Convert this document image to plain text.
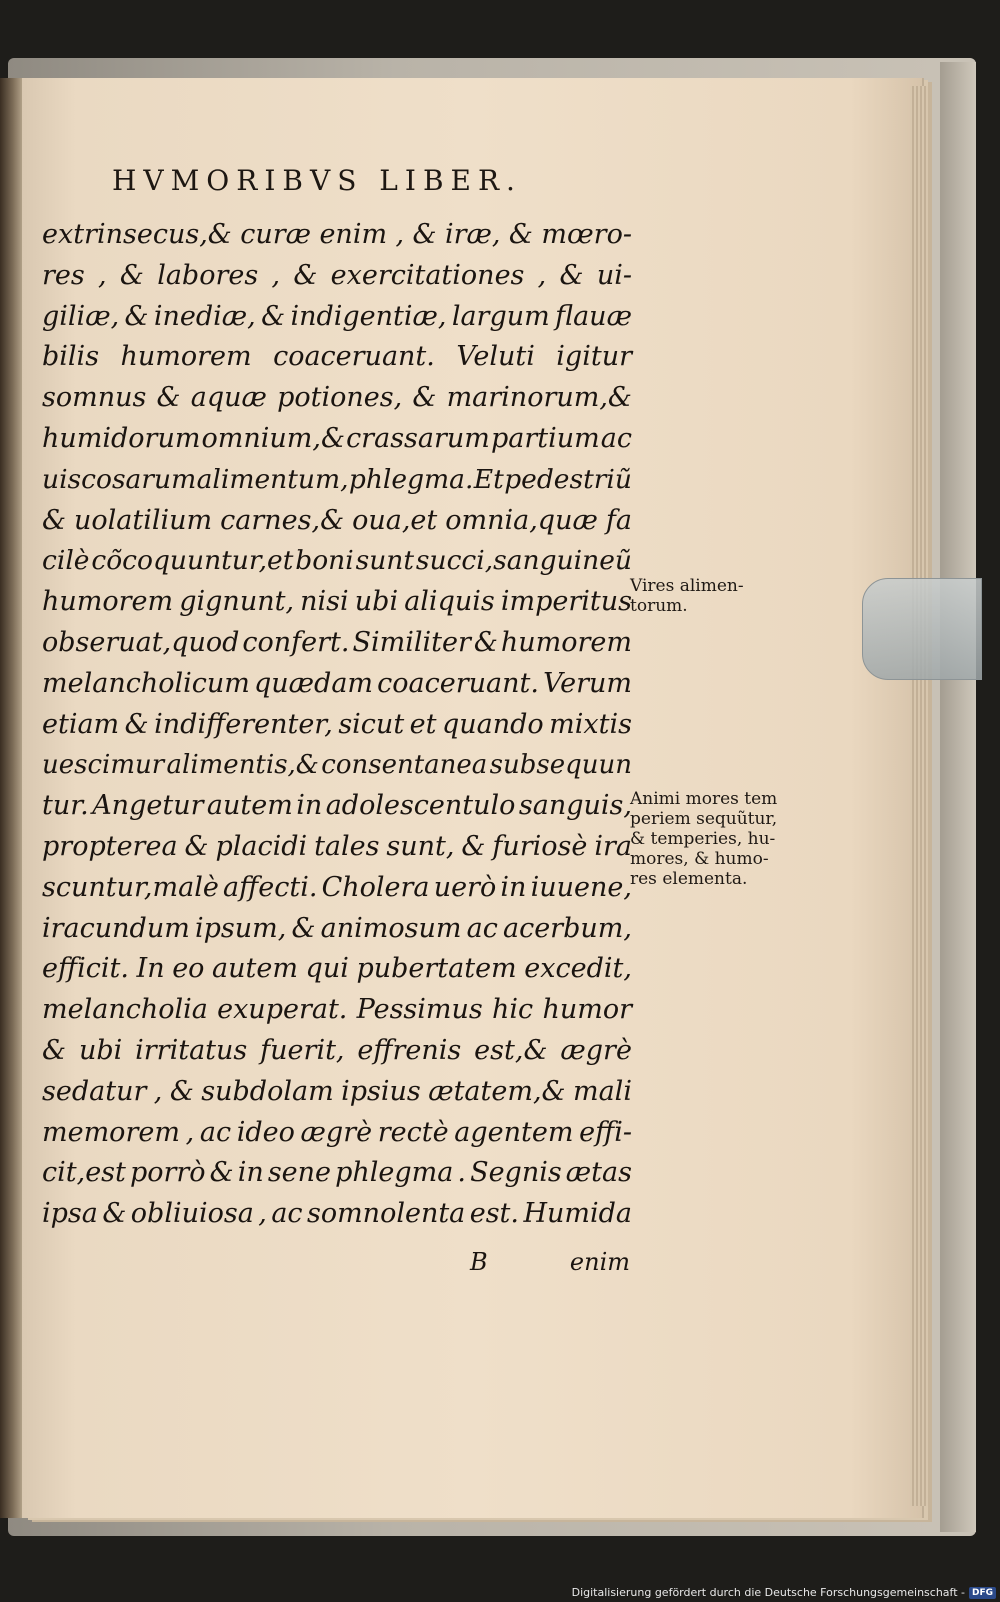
HVMORIBVS LIBER.
extrinsecus,& curæ enim , & iræ, & mœro-
res , & labores , & exercitationes , & ui-
giliæ, & inediæ, & indigentiæ, largum flauæ
bilis humorem coaceruant. Veluti igitur
somnus & aquæ potiones, & marinorum,&
humidorum omnium,& crassarum partium ac
uiscosarum alimentum, phlegma. Et pedestriũ
& uolatilium carnes,& oua,et omnia,quæ fa
cilè cõcoquuntur,et boni sunt succi,sanguineũ
humorem gignunt, nisi ubi aliquis imperitus
obseruat,quod confert. Similiter & humorem
melancholicum quædam coaceruant. Verum
etiam & indifferenter, sicut et quando mixtis
uescimur alimentis,& consentanea subsequun
tur. Angetur autem in adolescentulo sanguis,
propterea & placidi tales sunt, & furiosè ira
scuntur,malè affecti. Cholera uerò in iuuene,
iracundum ipsum, & animosum ac acerbum,
efficit. In eo autem qui pubertatem excedit,
melancholia exuperat. Pessimus hic humor
& ubi irritatus fuerit, effrenis est,& ægrè
sedatur , & subdolam ipsius ætatem,& mali
memorem , ac ideo ægrè rectè agentem effi-
cit,est porrò & in sene phlegma . Segnis ætas
ipsa & obliuiosa , ac somnolenta est. Humida
B	enim
Vires alimen-
torum.
Animi mores tem
periem sequũtur,
& temperies, hu-
mores, & humo-
res elementa.
Digitalisierung gefördert durch die Deutsche Forschungsgemeinschaft - DFG
